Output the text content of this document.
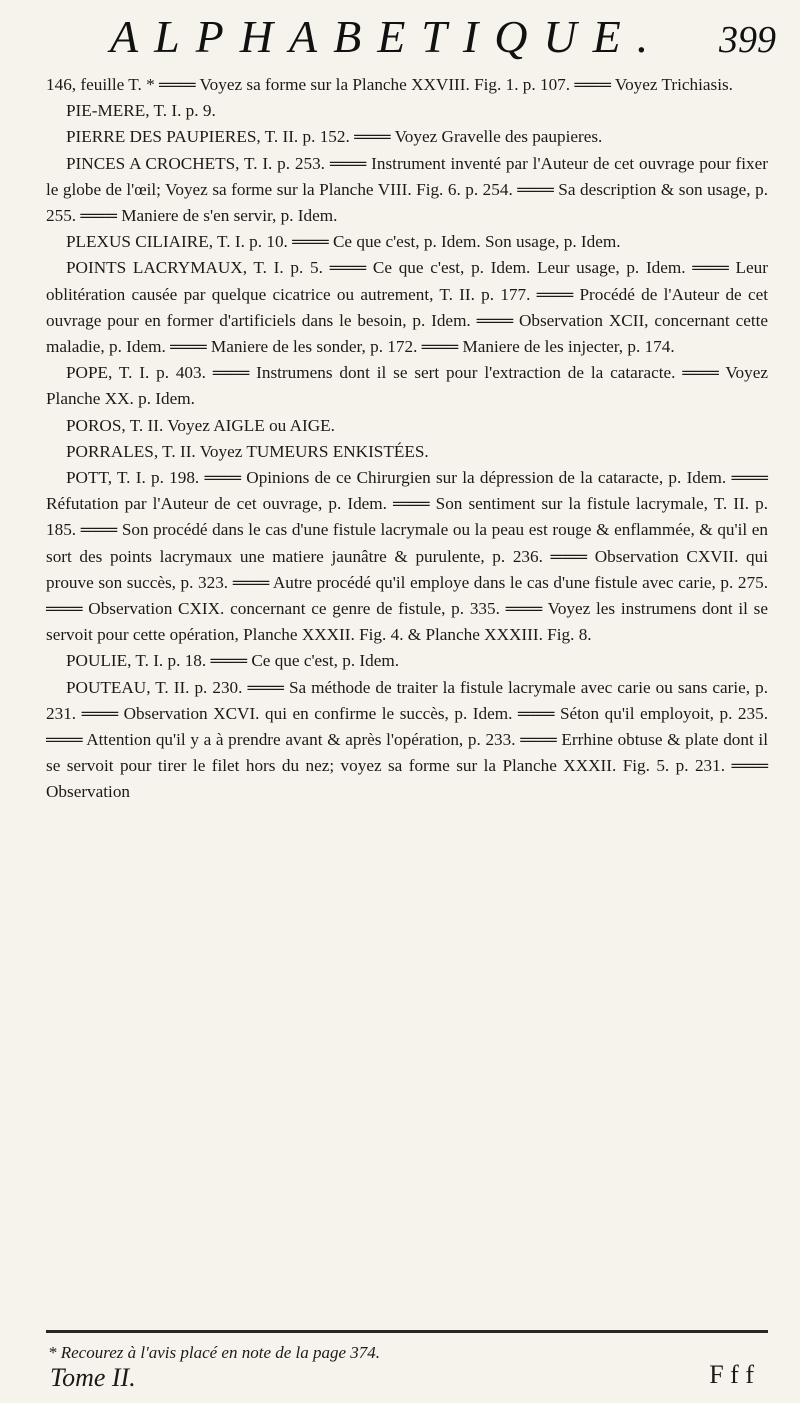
ALPHABETIQUE. 399

146, feuille T. * ═══ Voyez sa forme sur la Planche XXVIII. Fig. 1. p. 107. ═══ Voyez Trichiasis.

PIE-MERE, T. I. p. 9.

PIERRE DES PAUPIERES, T. II. p. 152. ═══ Voyez Gravelle des paupieres.

PINCES A CROCHETS, T. I. p. 253. ═══ Instrument inventé par l'Auteur de cet ouvrage pour fixer le globe de l'œil; Voyez sa forme sur la Planche VIII. Fig. 6. p. 254. ═══ Sa description & son usage, p. 255. ═══ Maniere de s'en servir, p. Idem.

PLEXUS CILIAIRE, T. I. p. 10. ═══ Ce que c'est, p. Idem. Son usage, p. Idem.

POINTS LACRYMAUX, T. I. p. 5. ═══ Ce que c'est, p. Idem. Leur usage, p. Idem. ═══ Leur oblitération causée par quelque cicatrice ou autrement, T. II. p. 177. ═══ Procédé de l'Auteur de cet ouvrage pour en former d'artificiels dans le besoin, p. Idem. ═══ Observation XCII, concernant cette maladie, p. Idem. ═══ Maniere de les sonder, p. 172. ═══ Maniere de les injecter, p. 174.

POPE, T. I. p. 403. ═══ Instrumens dont il se sert pour l'extraction de la cataracte. ═══ Voyez Planche XX. p. Idem.

POROS, T. II. Voyez AIGLE ou AIGE.

PORRALES, T. II. Voyez TUMEURS ENKISTÉES.

POTT, T. I. p. 198. ═══ Opinions de ce Chirurgien sur la dépression de la cataracte, p. Idem. ═══ Réfutation par l'Auteur de cet ouvrage, p. Idem. ═══ Son sentiment sur la fistule lacrymale, T. II. p. 185. ═══ Son procédé dans le cas d'une fistule lacrymale ou la peau est rouge & enflammée, & qu'il en sort des points lacrymaux une matiere jaunâtre & purulente, p. 236. ═══ Observation CXVII. qui prouve son succès, p. 323. ═══ Autre procédé qu'il employe dans le cas d'une fistule avec carie, p. 275. ═══ Observation CXIX. concernant ce genre de fistule, p. 335. ═══ Voyez les instrumens dont il se servoit pour cette opération, Planche XXXII. Fig. 4. & Planche XXXIII. Fig. 8.

POULIE, T. I. p. 18. ═══ Ce que c'est, p. Idem.

POUTEAU, T. II. p. 230. ═══ Sa méthode de traiter la fistule lacrymale avec carie ou sans carie, p. 231. ═══ Observation XCVI. qui en confirme le succès, p. Idem. ═══ Séton qu'il employoit, p. 235. ═══ Attention qu'il y a à prendre avant & après l'opération, p. 233. ═══ Errhine obtuse & plate dont il se servoit pour tirer le filet hors du nez; voyez sa forme sur la Planche XXXII. Fig. 5. p. 231. ═══ Observation

* Recourez à l'avis placé en note de la page 374.
Tome II.	F f f
